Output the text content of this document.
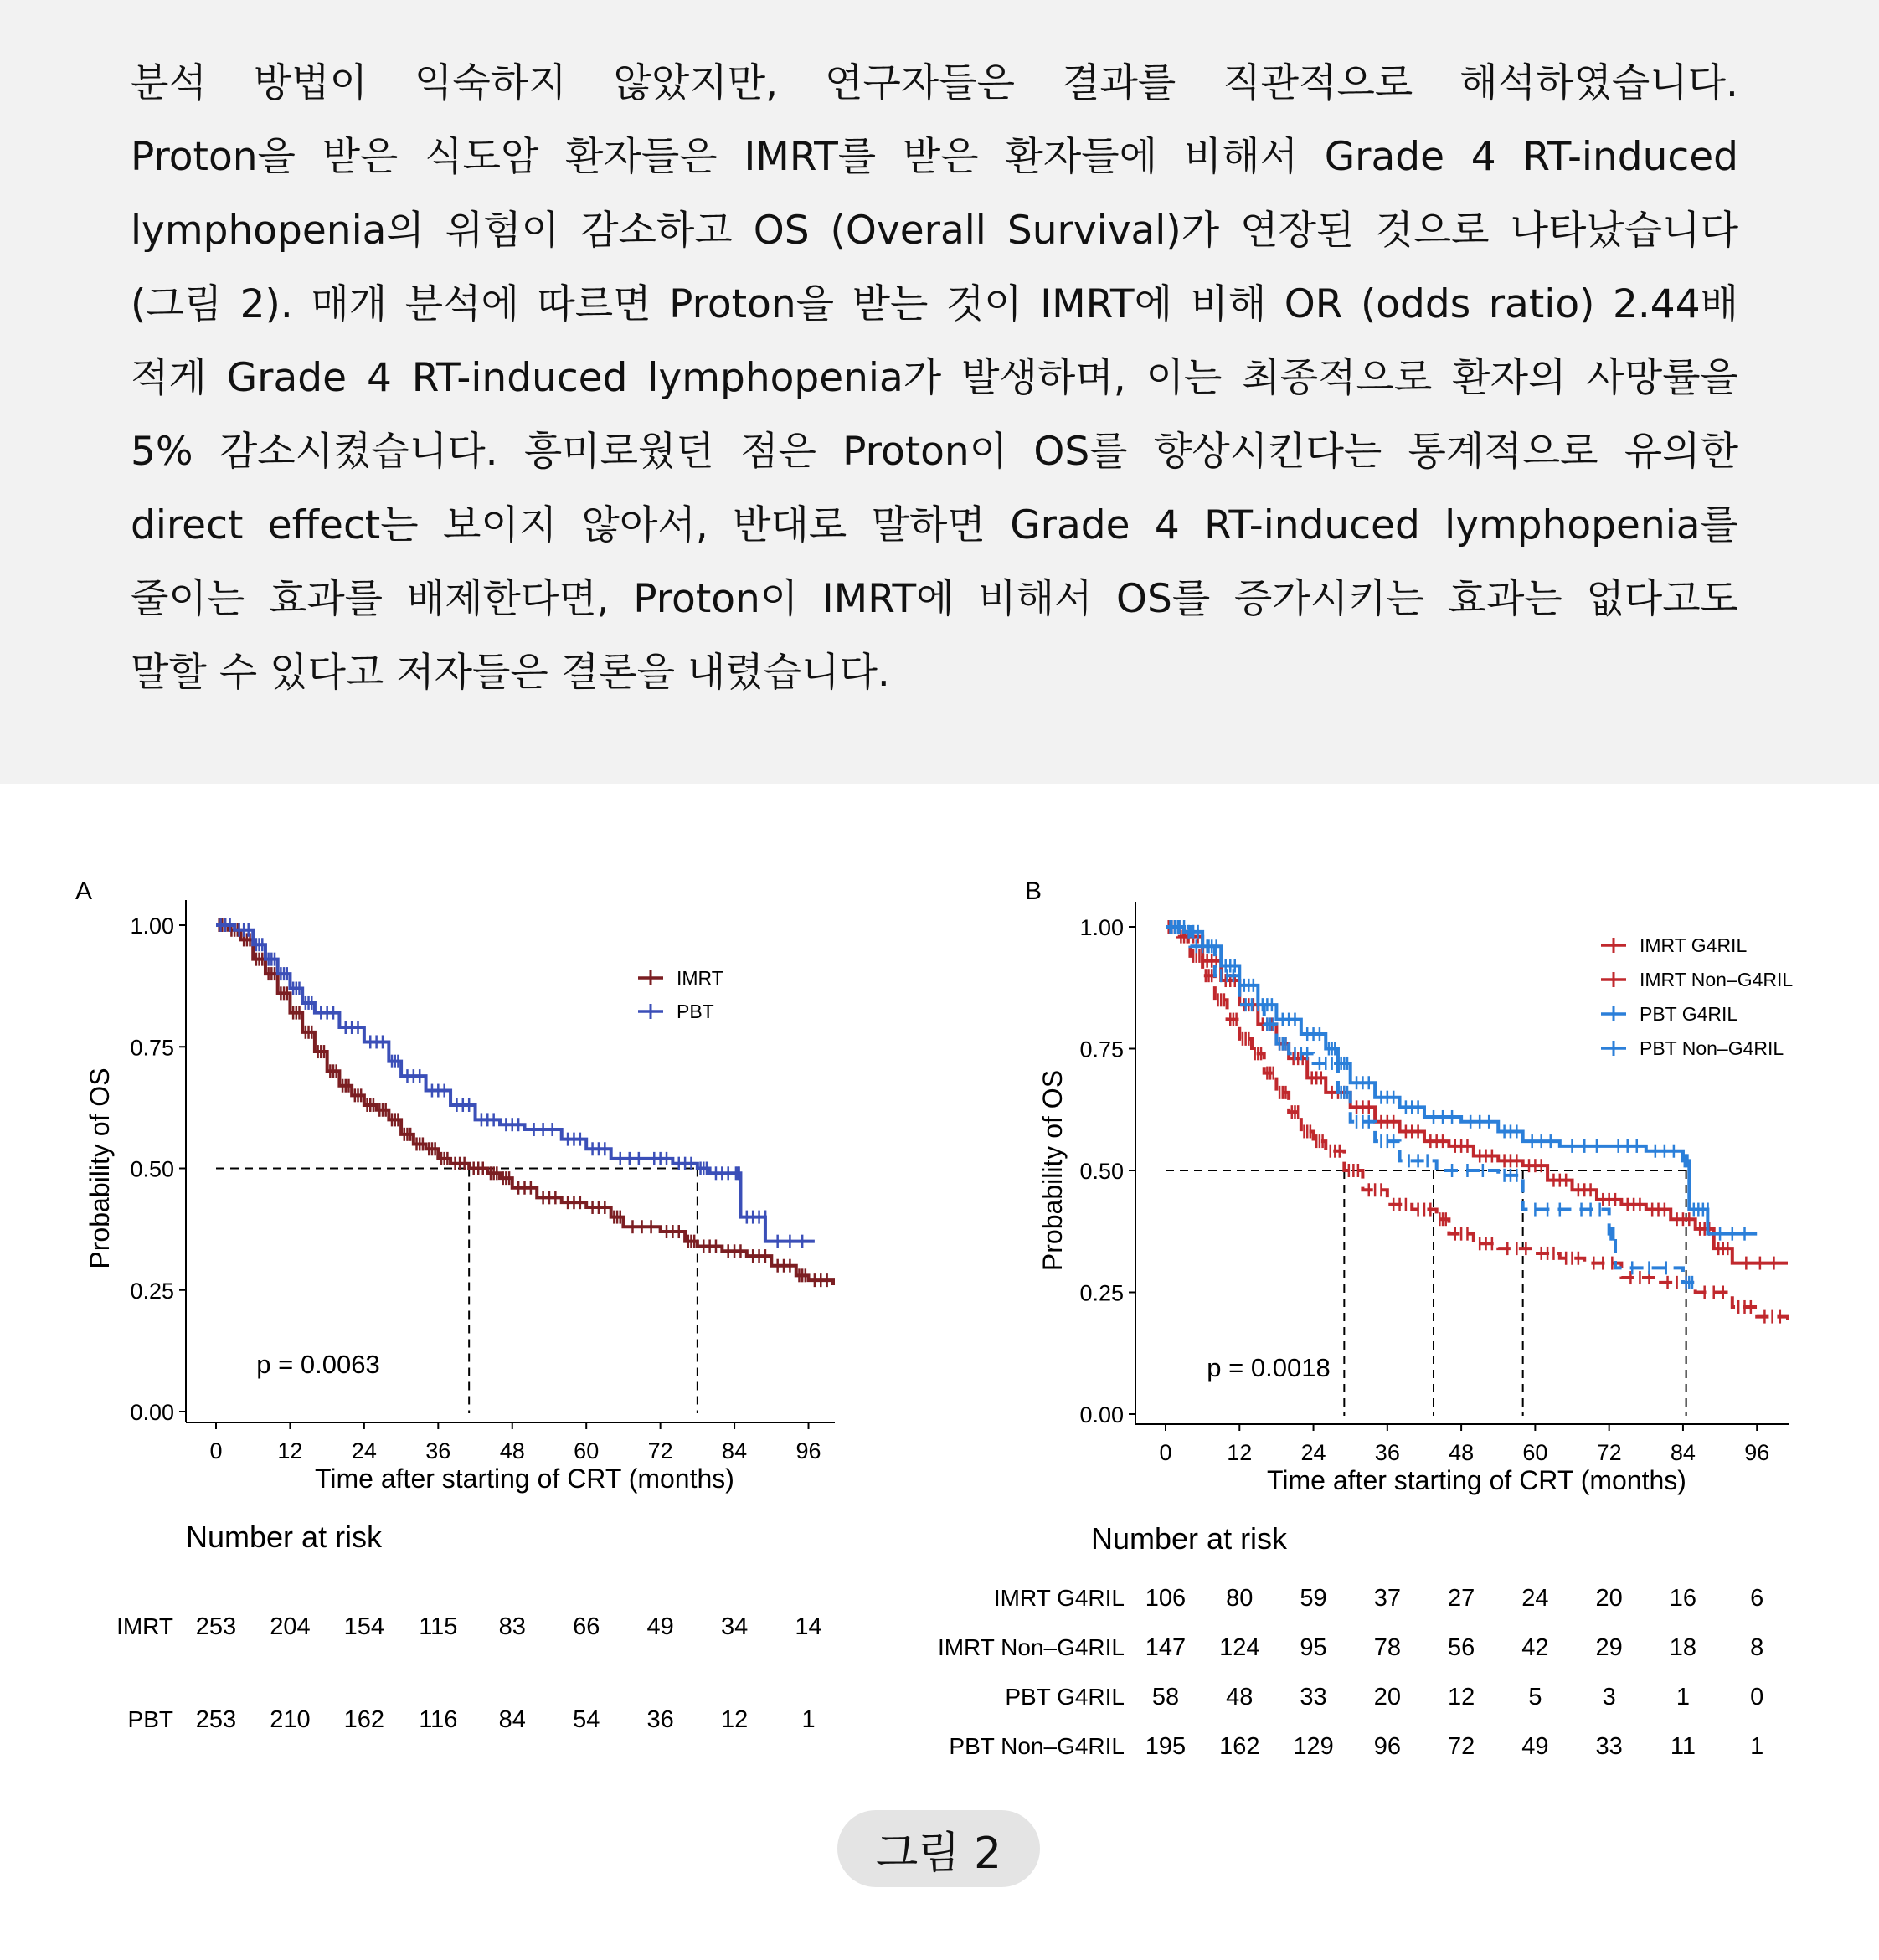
분석 방법이 익숙하지 않았지만, 연구자들은 결과를 직관적으로 해석하였습니다.
Proton을 받은 식도암 환자들은 IMRT를 받은 환자들에 비해서 Grade 4 RT-induced
lymphopenia의 위험이 감소하고 OS (Overall Survival)가 연장된 것으로 나타났습니다
(그림 2). 매개 분석에 따르면 Proton을 받는 것이 IMRT에 비해 OR (odds ratio) 2.44배
적게 Grade 4 RT-induced lymphopenia가 발생하며, 이는 최종적으로 환자의 사망률을
5% 감소시켰습니다. 흥미로웠던 점은 Proton이 OS를 향상시킨다는 통계적으로 유의한
direct effect는 보이지 않아서, 반대로 말하면 Grade 4 RT-induced lymphopenia를
줄이는 효과를 배제한다면, Proton이 IMRT에 비해서 OS를 증가시키는 효과는 없다고도
말할 수 있다고 저자들은 결론을 내렸습니다.
A
0.00
0.25
0.50
0.75
1.00
0 12 24 36 48 60 72 84 96
Time after starting of CRT (months)
Probability of OS
IMRT
PBT
p = 0.0063
Number at risk
IMRT 253 204 154 115 83 66 49 34 14
PBT 253 210 162 116 84 54 36 12 1
B
0.00
0.25
0.50
0.75
1.00
0 12 24 36 48 60 72 84 96
Time after starting of CRT (months)
Probability of OS
IMRT G4RIL
IMRT Non–G4RIL
PBT G4RIL
PBT Non–G4RIL
p = 0.0018
Number at risk
IMRT G4RIL 106 80 59 37 27 24 20 16 6
IMRT Non–G4RIL 147 124 95 78 56 42 29 18 8
PBT G4RIL 58 48 33 20 12 5 3 1 0
PBT Non–G4RIL 195 162 129 96 72 49 33 11 1
그림 2
